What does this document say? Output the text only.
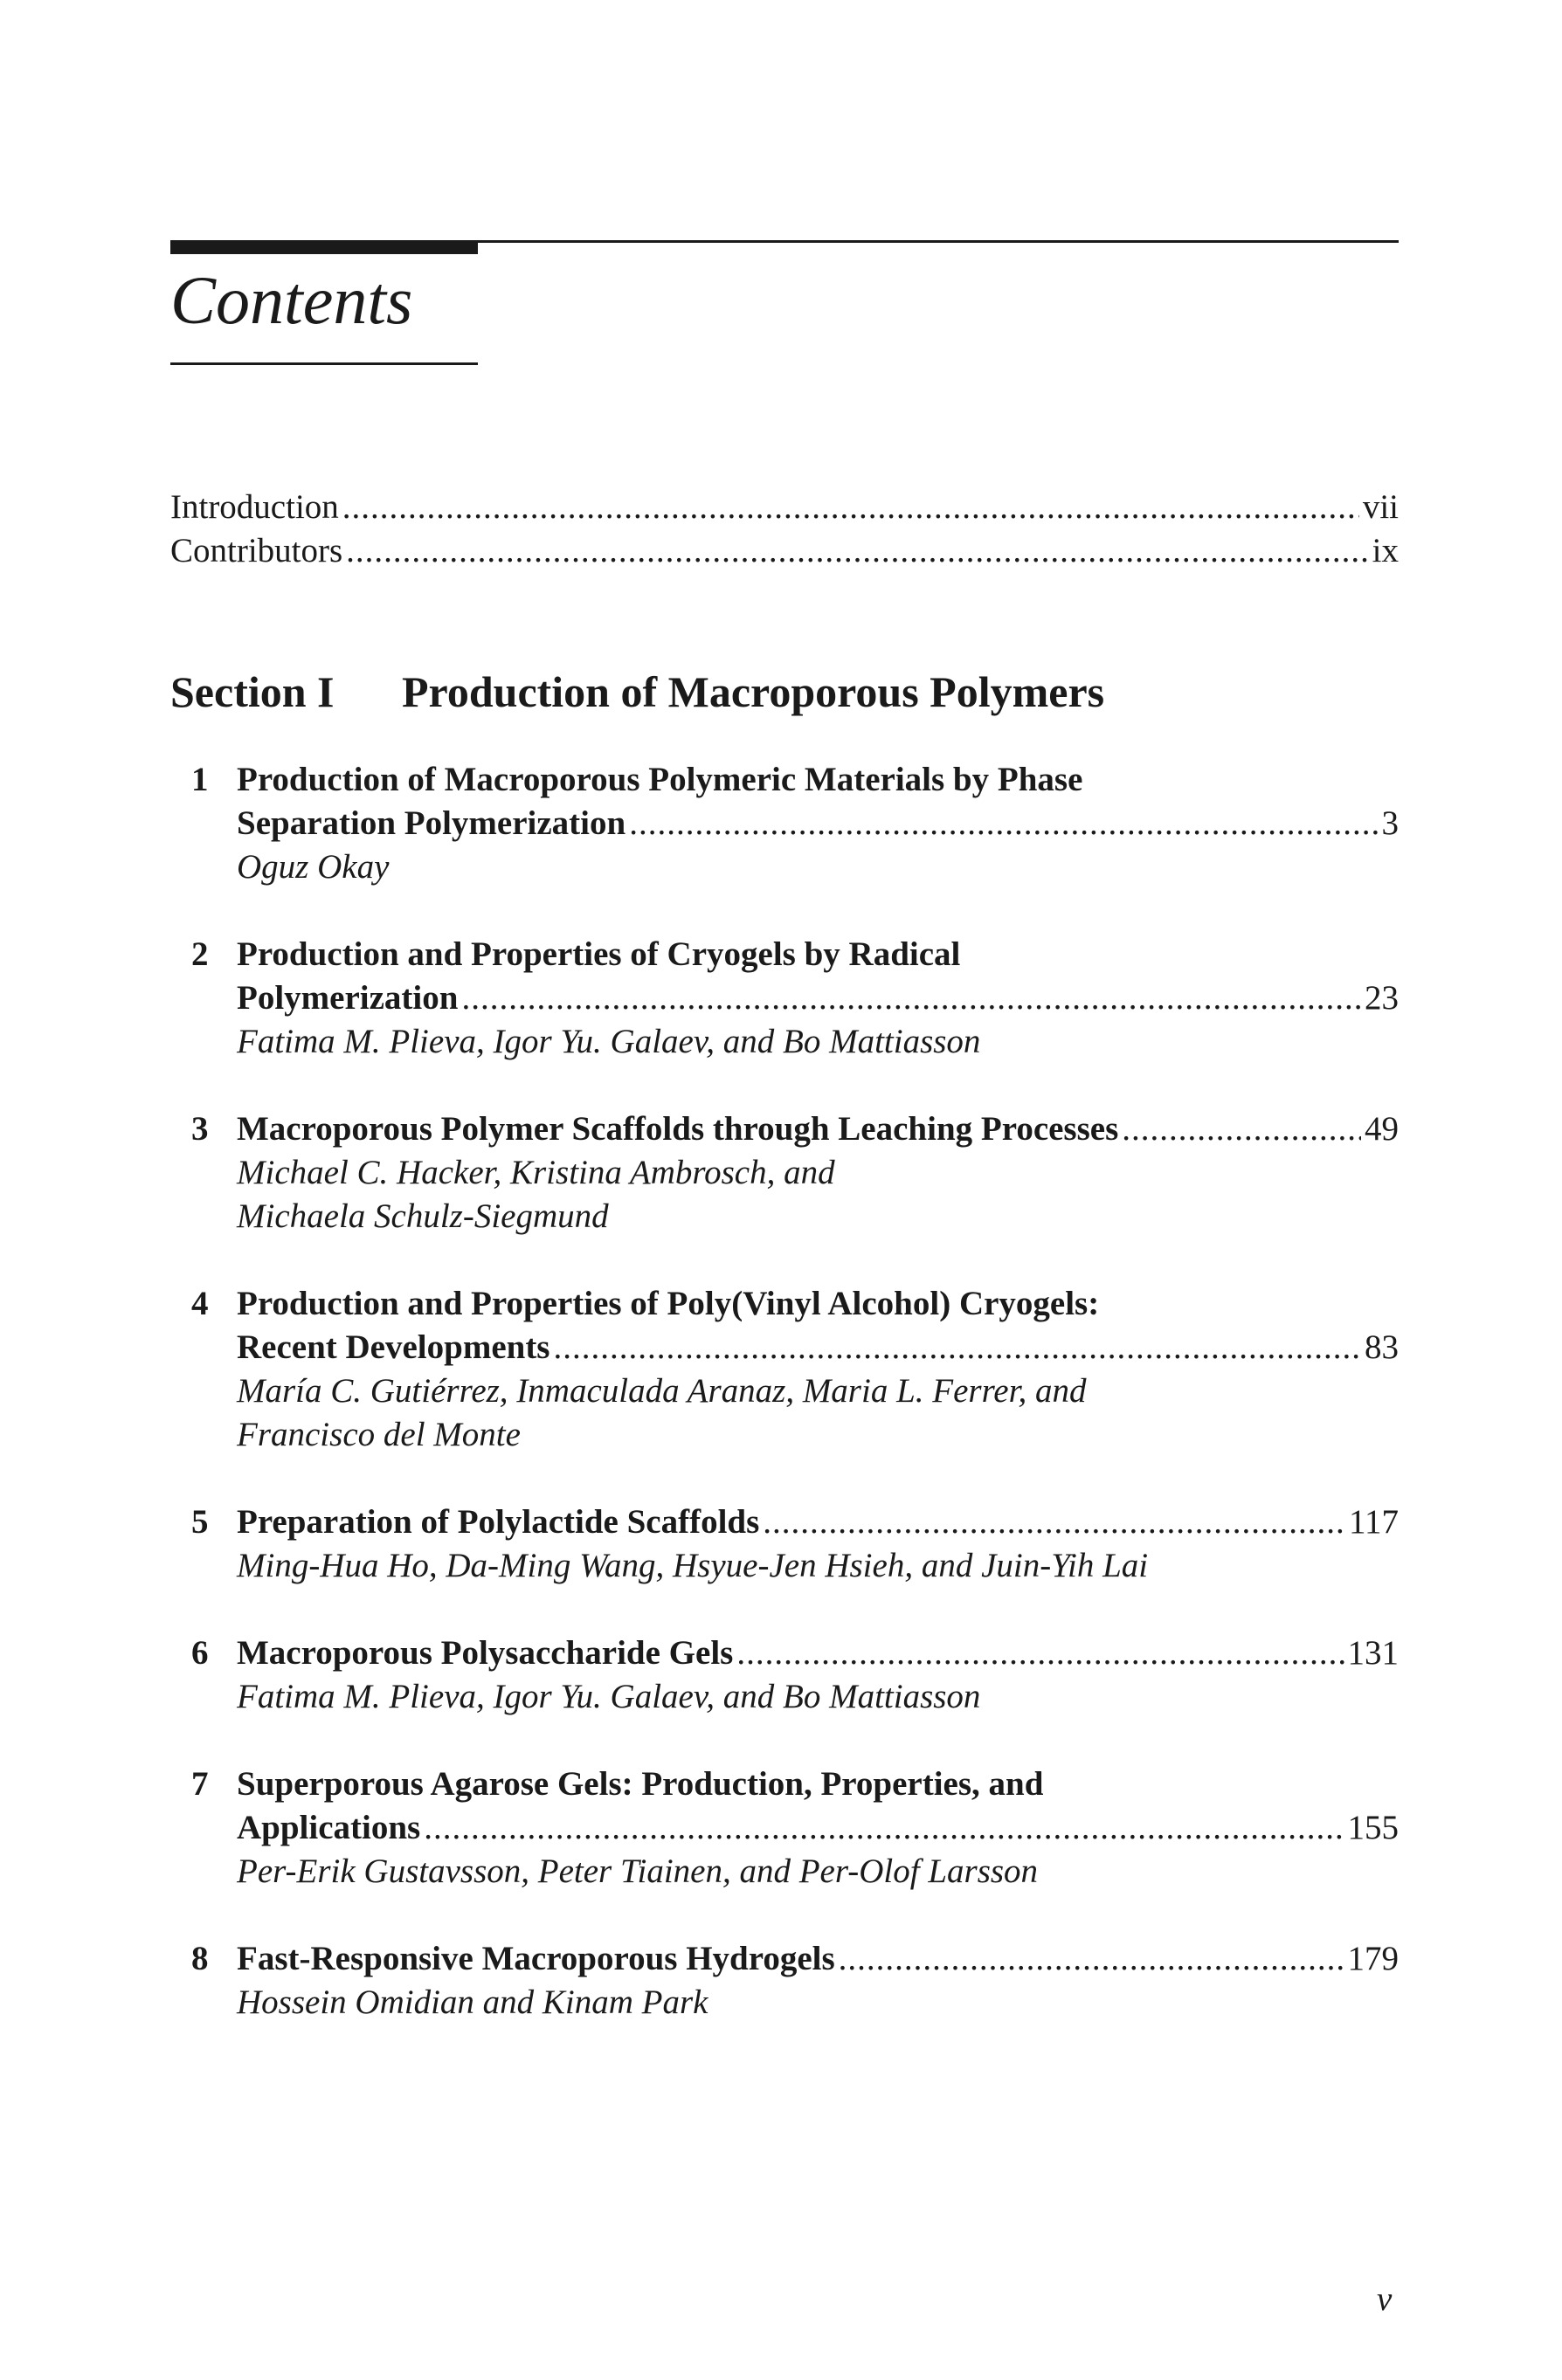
Contents
Introduction .....	vii
Contributors .....	ix
Section I Production of Macroporous Polymers
1 Production of Macroporous Polymeric Materials by Phase
Separation Polymerization .....	3
Oguz Okay
2 Production and Properties of Cryogels by Radical
Polymerization .....	23
Fatima M. Plieva, Igor Yu. Galaev, and Bo Mattiasson
3 Macroporous Polymer Scaffolds through Leaching Processes .....	49
Michael C. Hacker, Kristina Ambrosch, and
Michaela Schulz-Siegmund
4 Production and Properties of Poly(Vinyl Alcohol) Cryogels:
Recent Developments .....	83
María C. Gutiérrez, Inmaculada Aranaz, Maria L. Ferrer, and
Francisco del Monte
5 Preparation of Polylactide Scaffolds .....	117
Ming-Hua Ho, Da-Ming Wang, Hsyue-Jen Hsieh, and Juin-Yih Lai
6 Macroporous Polysaccharide Gels .....	131
Fatima M. Plieva, Igor Yu. Galaev, and Bo Mattiasson
7 Superporous Agarose Gels: Production, Properties, and
Applications .....	155
Per-Erik Gustavsson, Peter Tiainen, and Per-Olof Larsson
8 Fast-Responsive Macroporous Hydrogels .....	179
Hossein Omidian and Kinam Park
v
